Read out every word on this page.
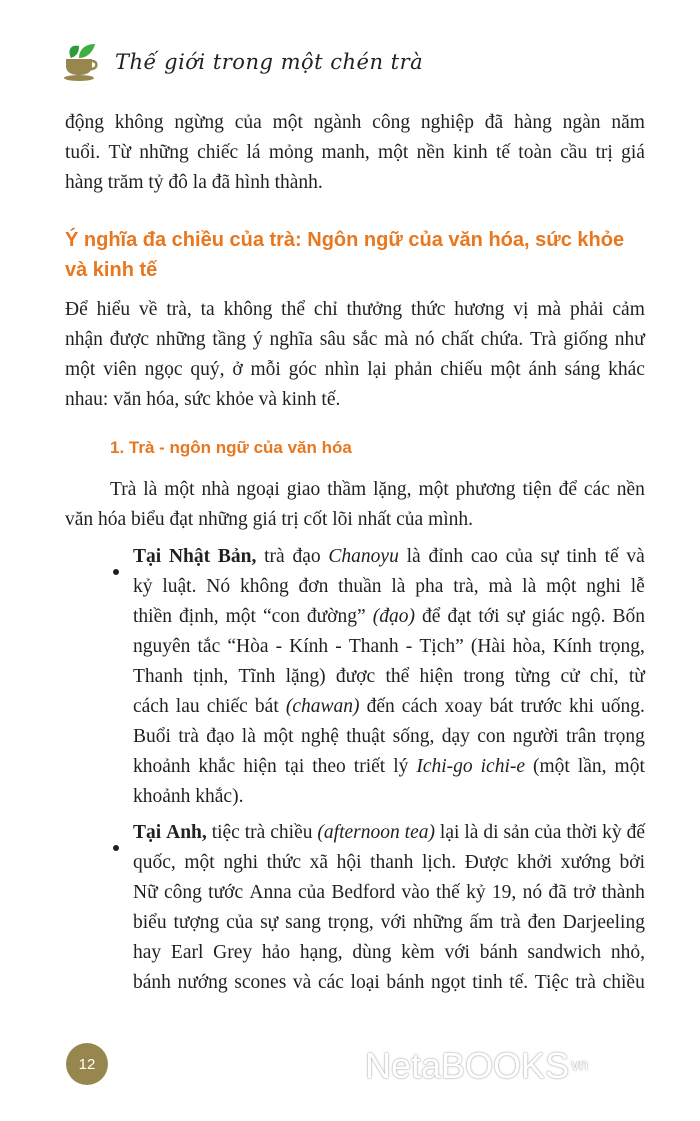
Thế giới trong một chén trà
động không ngừng của một ngành công nghiệp đã hàng ngàn năm
tuổi. Từ những chiếc lá mỏng manh, một nền kinh tế toàn cầu trị giá
hàng trăm tỷ đô la đã hình thành.
Để hiểu về trà, ta không thể chỉ thưởng thức hương vị mà phải cảm
nhận được những tầng ý nghĩa sâu sắc mà nó chất chứa. Trà giống như
một viên ngọc quý, ở mỗi góc nhìn lại phản chiếu một ánh sáng khác
nhau: văn hóa, sức khỏe và kinh tế.
Trà là một nhà ngoại giao thầm lặng, một phương tiện để các nền
văn hóa biểu đạt những giá trị cốt lõi nhất của mình.
Tại Nhật Bản, trà đạo Chanoyu là đỉnh cao của sự tinh tế và
kỷ luật. Nó không đơn thuần là pha trà, mà là một nghi lễ
thiền định, một “con đường” (đạo) để đạt tới sự giác ngộ. Bốn
nguyên tắc “Hòa - Kính - Thanh - Tịch” (Hài hòa, Kính trọng,
Thanh tịnh, Tĩnh lặng) được thể hiện trong từng cử chỉ, từ
cách lau chiếc bát (chawan) đến cách xoay bát trước khi uống.
Buổi trà đạo là một nghệ thuật sống, dạy con người trân trọng
khoảnh khắc hiện tại theo triết lý Ichi-go ichi-e (một lần, một
khoảnh khắc).
Tại Anh, tiệc trà chiều (afternoon tea) lại là di sản của thời kỳ đế
quốc, một nghi thức xã hội thanh lịch. Được khởi xướng bởi
Nữ công tước Anna của Bedford vào thế kỷ 19, nó đã trở thành
biểu tượng của sự sang trọng, với những ấm trà đen Darjeeling
hay Earl Grey hảo hạng, dùng kèm với bánh sandwich nhỏ,
bánh nướng scones và các loại bánh ngọt tinh tế. Tiệc trà chiều
Ý nghĩa đa chiều của trà: Ngôn ngữ của văn hóa, sức khỏe
và kinh tế
1. Trà - ngôn ngữ của văn hóa
12	NetaBOOKS vn
